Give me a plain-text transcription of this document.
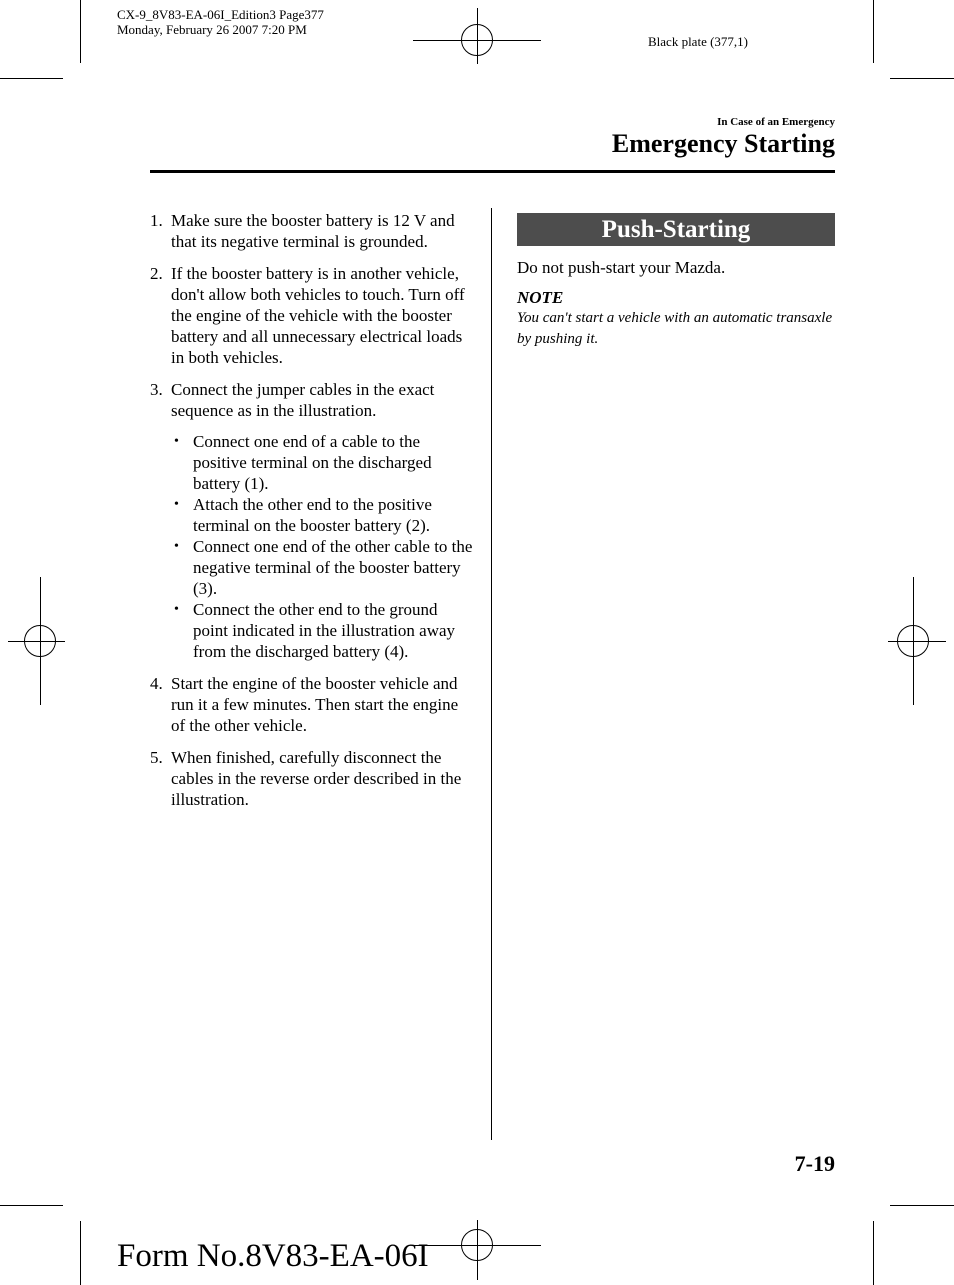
CX-9_8V83-EA-06I_Edition3 Page377
Monday, February 26 2007 7:20 PM
Black plate (377,1)
In Case of an Emergency
Emergency Starting
1. Make sure the booster battery is 12 V and that its negative terminal is grounded.
2. If the booster battery is in another vehicle, don't allow both vehicles to touch. Turn off the engine of the vehicle with the booster battery and all unnecessary electrical loads in both vehicles.
3. Connect the jumper cables in the exact sequence as in the illustration.
• Connect one end of a cable to the positive terminal on the discharged battery (1).
• Attach the other end to the positive terminal on the booster battery (2).
• Connect one end of the other cable to the negative terminal of the booster battery (3).
• Connect the other end to the ground point indicated in the illustration away from the discharged battery (4).
4. Start the engine of the booster vehicle and run it a few minutes. Then start the engine of the other vehicle.
5. When finished, carefully disconnect the cables in the reverse order described in the illustration.
Push-Starting
Do not push-start your Mazda.
NOTE
You can't start a vehicle with an automatic transaxle by pushing it.
7-19
Form No.8V83-EA-06I
